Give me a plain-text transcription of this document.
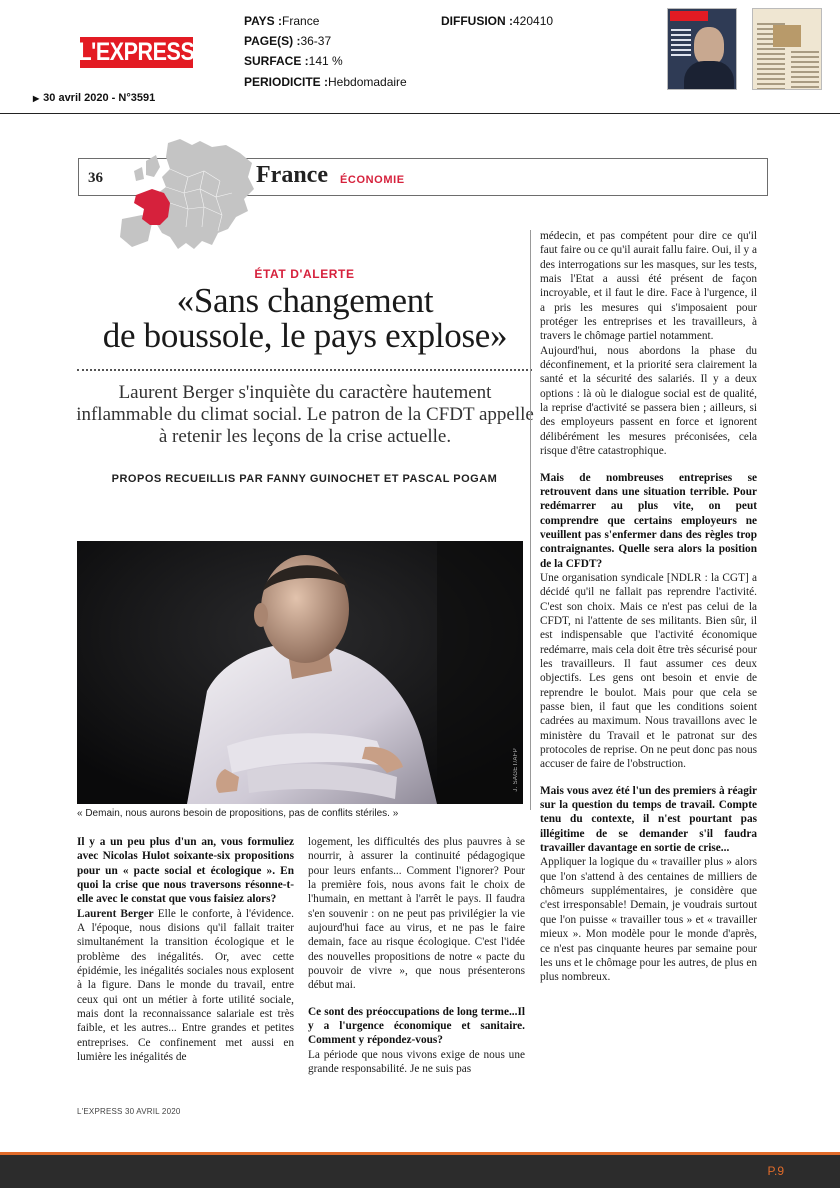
L'EXPRESS
PAYS :France
PAGE(S) :36-37
SURFACE :141 %
PERIODICITE :Hebdomadaire
DIFFUSION :420410
▶ 30 avril 2020 - N°3591
36	France ÉCONOMIE
ÉTAT D'ALERTE
«Sans changement
de boussole, le pays explose»
Laurent Berger s'inquiète du caractère hautement inflammable du climat social. Le patron de la CFDT appelle à retenir les leçons de la crise actuelle.
PROPOS RECUEILLIS PAR FANNY GUINOCHET ET PASCAL POGAM
J. SAGET/AFP
« Demain, nous aurons besoin de propositions, pas de conflits stériles. »

Il y a un peu plus d'un an, vous formuliez avec Nicolas Hulot soixante-six propositions pour un « pacte social et écologique ». En quoi la crise que nous traversons résonne-t-elle avec le constat que vous faisiez alors?

Laurent Berger Elle le conforte, à l'évidence. A l'époque, nous disions qu'il fallait traiter simultanément la transition écologique et le problème des inégalités. Or, avec cette épidémie, les inégalités sociales nous explosent à la figure. Dans le monde du travail, entre ceux qui ont un métier à forte utilité sociale, mais dont la reconnaissance salariale est très faible, et les autres... Entre grandes et petites entreprises. Ce confinement met aussi en lumière les inégalités de

logement, les difficultés des plus pauvres à se nourrir, à assurer la continuité pédagogique pour leurs enfants... Comment l'ignorer? Pour la première fois, nous avons fait le choix de l'humain, en mettant à l'arrêt le pays. Il faudra s'en souvenir : on ne peut pas privilégier la vie aujourd'hui face au virus, et ne pas le faire demain, face au risque écologique. C'est l'idée des nouvelles propositions de notre « pacte du pouvoir de vivre », que nous présenterons début mai.

Ce sont des préoccupations de long terme...Il y a l'urgence économique et sanitaire. Comment y répondez-vous?

La période que nous vivons exige de nous une grande responsabilité. Je ne suis pas

médecin, et pas compétent pour dire ce qu'il faut faire ou ce qu'il aurait fallu faire. Oui, il y a des interrogations sur les masques, sur les tests, mais l'Etat a aussi été présent de façon incroyable, et il faut le dire. Face à l'urgence, il a pris les mesures qui s'imposaient pour protéger les entreprises et les travailleurs, à travers le chômage partiel notamment.

Aujourd'hui, nous abordons la phase du déconfinement, et la priorité sera clairement la santé et la sécurité des salariés. Il y a deux options : là où le dialogue social est de qualité, la reprise d'activité se passera bien ; ailleurs, si des employeurs passent en force et ignorent délibérément les mesures préconisées, cela risque d'être catastrophique.

Mais de nombreuses entreprises se retrouvent dans une situation terrible. Pour redémarrer au plus vite, on peut comprendre que certains employeurs ne veuillent pas s'enfermer dans des règles trop contraignantes. Quelle sera alors la position de la CFDT?

Une organisation syndicale [NDLR : la CGT] a décidé qu'il ne fallait pas reprendre l'activité. C'est son choix. Mais ce n'est pas celui de la CFDT, ni l'attente de ses militants. Bien sûr, il est indispensable que l'activité économique redémarre, mais cela doit être très sécurisé pour les travailleurs. Il faut assumer ces deux objectifs. Les gens ont besoin et envie de reprendre le boulot. Mais pour que cela se passe bien, il faut que les conditions soient cadrées au maximum. Nous travaillons avec le ministère du Travail et le patronat sur des protocoles de reprise. On ne peut donc pas nous accuser de faire de l'obstruction.

Mais vous avez été l'un des premiers à réagir sur la question du temps de travail. Compte tenu du contexte, il n'est pourtant pas illégitime de se demander s'il faudra travailler davantage en sortie de crise...

Appliquer la logique du « travailler plus » alors que l'on s'attend à des centaines de milliers de chômeurs supplémentaires, je considère que c'est irresponsable! Demain, je voudrais surtout que l'on puisse « travailler tous » et « travailler mieux ». Mon modèle pour le monde d'après, ce n'est pas cinquante heures par semaine pour les uns et le chômage pour les autres, de plus en plus nombreux.

L'EXPRESS 30 AVRIL 2020
P.9
